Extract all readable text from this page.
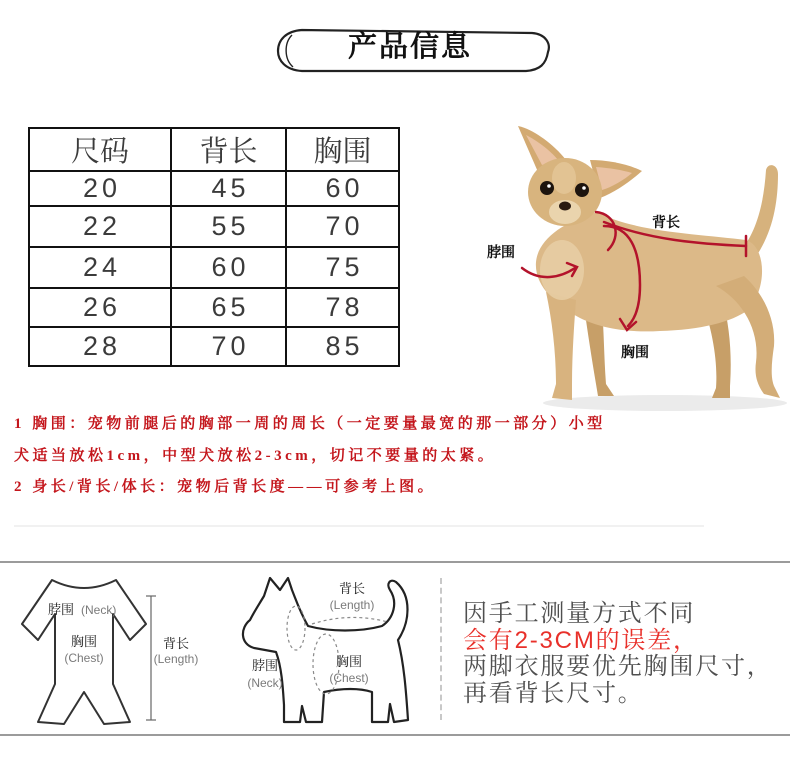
产品信息
尺码	背长	胸围
20	45	60
22	55	70
24	60	75
26	65	78
28	70	85
背长
脖围
胸围
1 胸围：宠物前腿后的胸部一周的周长（一定要量最宽的那一部分）小型
犬适当放松1cm，中型犬放松2-3cm，切记不要量的太紧。
2 身长/背长/体长：宠物后背长度——可参考上图。
脖围 (Neck)
胸围
(Chest)
背长
(Length)
背长
(Length)
脖围
(Neck)
胸围
(Chest)
因手工测量方式不同
会有2-3CM的误差，
两脚衣服要优先胸围尺寸，
再看背长尺寸。
